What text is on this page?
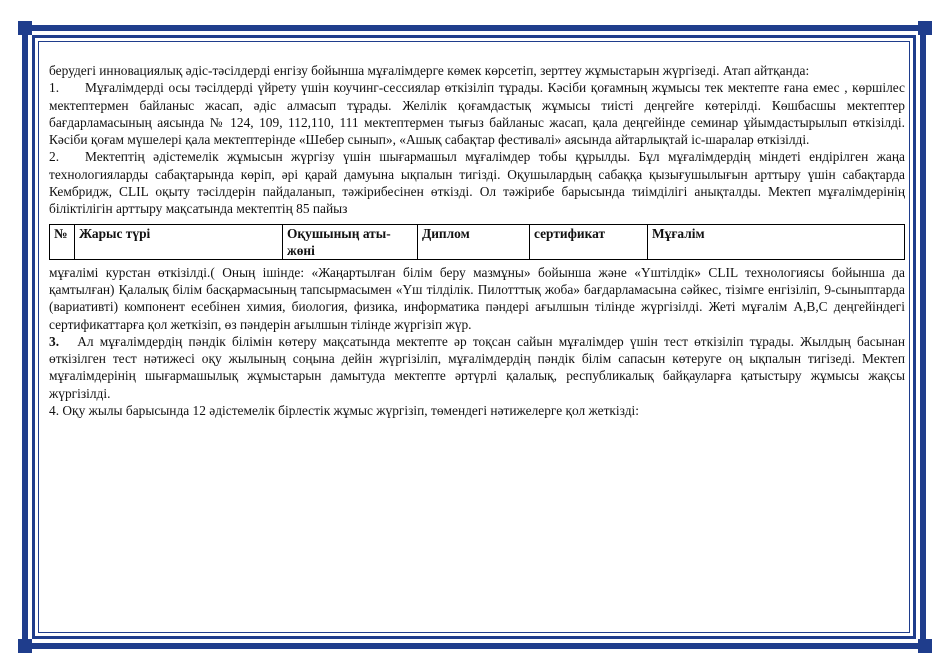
берудегі инновациялық әдіс-тәсілдерді енгізу бойынша мұғалімдерге көмек көрсетіп, зерттеу жұмыстарын жүргізеді. Атап айтқанда:

1. Мұғалімдерді осы тәсілдерді үйрету үшін коучинг-сессиялар өткізіліп тұрады. Кәсіби қоғамның жұмысы тек мектепте ғана емес , көршілес мектептермен байланыс жасап, әдіс алмасып тұрады. Желілік қоғамдастық жұмысы тиісті деңгейге көтерілді. Көшбасшы мектептер бағдарламасының аясында № 124, 109, 112,110, 111 мектептермен тығыз байланыс жасап, қала деңгейінде семинар ұйымдастырылып өткізілді. Кәсіби қоғам мүшелері қала мектептерінде «Шебер сынып», «Ашық сабақтар фестивалі» аясында айтарлықтай іс-шаралар өткізілді.

2. Мектептің әдістемелік жұмысын жүргізу үшін шығармашыл мұғалімдер тобы құрылды. Бұл мұғалімдердің міндеті ендірілген жаңа технологияларды сабақтарында көріп, әрі қарай дамуына ықпалын тигізді. Оқушылардың сабаққа қызығушылығын арттыру үшін сабақтарда Кембридж, CLIL оқыту тәсілдерін пайдаланып, тәжірибесінен өткізді. Ол тәжірибе барысында тиімділігі анықталды. Мектеп мұғалімдерінің біліктілігін арттыру мақсатында мектептің 85 пайыз

№	Жарыс түрі	Оқушының аты-жөні	Диплом	сертификат	Мұғалім

мұғалімі курстан өткізілді.( Оның ішінде: «Жаңартылған білім беру мазмұны» бойынша және «Үштілдік» CLIL технологиясы бойынша да қамтылған) Қалалық білім басқармасының тапсырмасымен «Үш тілділік. Пилотттық жоба» бағдарламасына сәйкес, тізімге енгізіліп, 9-сыныптарда (вариативті) компонент есебінен химия, биология, физика, информатика пәндері ағылшын тілінде жүргізілді. Жеті мұғалім А,В,С деңгейіндегі сертификаттарға қол жеткізіп, өз пәндерін ағылшын тілінде жүргізіп жүр.

3. Ал мұғалімдердің пәндік білімін көтеру мақсатында мектепте әр тоқсан сайын мұғалімдер үшін тест өткізіліп тұрады. Жылдың басынан өткізілген тест нәтижесі оқу жылының соңына дейін жүргізіліп, мұғалімдердің пәндік білім сапасын көтеруге оң ықпалын тигізеді. Мектеп мұғалімдерінің шығармашылық жұмыстарын дамытуда мектепте әртүрлі қалалық, республикалық байқауларға қатыстыру жұмысы жақсы жүргізілді.

4. Оқу жылы барысында 12 әдістемелік бірлестік жұмыс жүргізіп, төмендегі нәтижелерге қол жеткізді:
